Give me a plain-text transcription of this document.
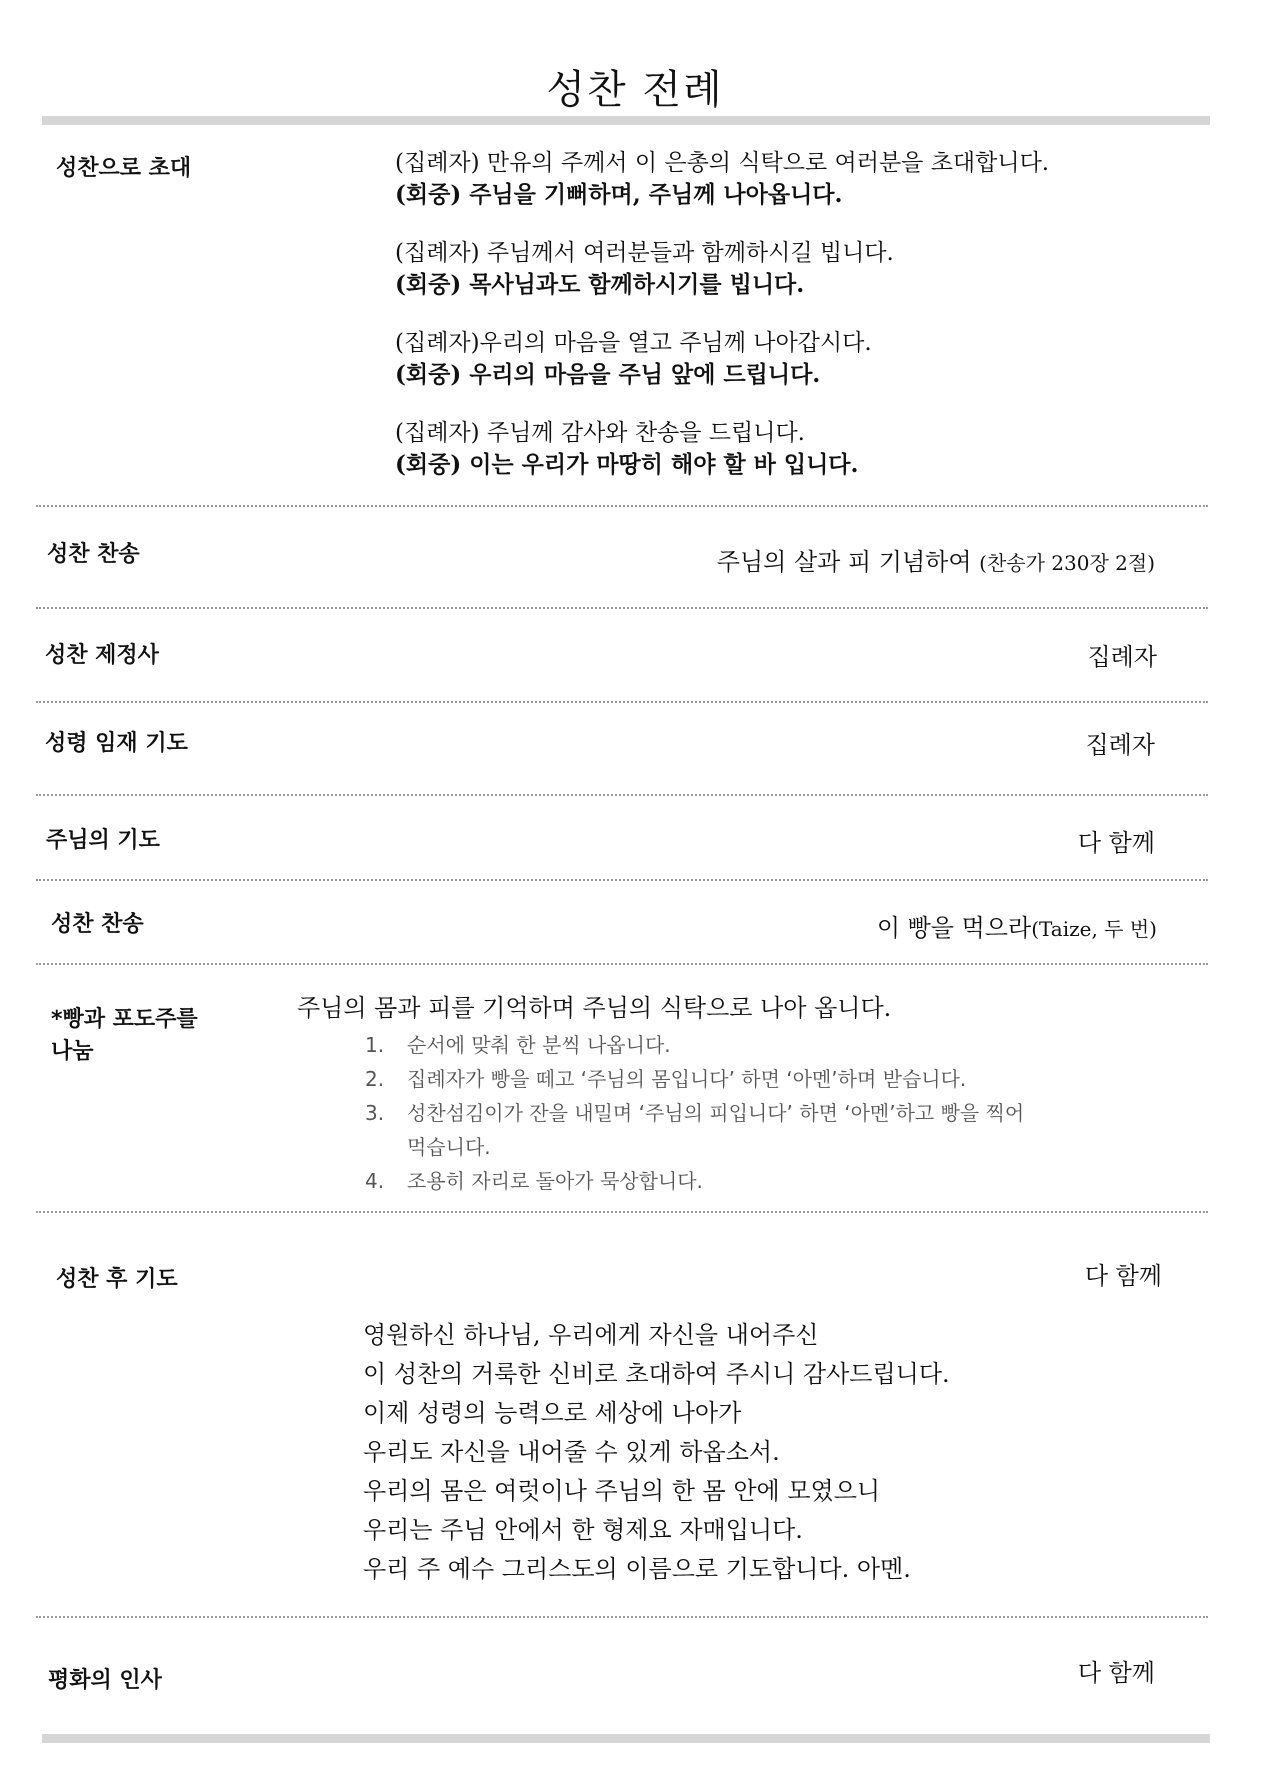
성찬 전례
성찬으로 초대	(집례자) 만유의 주께서 이 은총의 식탁으로 여러분을 초대합니다.
(회중) 주님을 기뻐하며, 주님께 나아옵니다.
(집례자) 주님께서 여러분들과 함께하시길 빕니다.
(회중) 목사님과도 함께하시기를 빕니다.
(집례자)우리의 마음을 열고 주님께 나아갑시다.
(회중) 우리의 마음을 주님 앞에 드립니다.
(집례자) 주님께 감사와 찬송을 드립니다.
(회중) 이는 우리가 마땅히 해야 할 바 입니다.
성찬 찬송	주님의 살과 피 기념하여 (찬송가 230장 2절)
성찬 제정사	집례자
성령 임재 기도	집례자
주님의 기도	다 함께
성찬 찬송	이 빵을 먹으라(Taize, 두 번)
*빵과 포도주를
나눔
주님의 몸과 피를 기억하며 주님의 식탁으로 나아 옵니다.
1. 순서에 맞춰 한 분씩 나옵니다.
2. 집례자가 빵을 떼고 ‘주님의 몸입니다’ 하면 ‘아멘’하며 받습니다.
3. 성찬섬김이가 잔을 내밀며 ‘주님의 피입니다’ 하면 ‘아멘’하고 빵을 찍어
먹습니다.
4. 조용히 자리로 돌아가 묵상합니다.
성찬 후 기도	다 함께
영원하신 하나님, 우리에게 자신을 내어주신
이 성찬의 거룩한 신비로 초대하여 주시니 감사드립니다.
이제 성령의 능력으로 세상에 나아가
우리도 자신을 내어줄 수 있게 하옵소서.
우리의 몸은 여럿이나 주님의 한 몸 안에 모였으니
우리는 주님 안에서 한 형제요 자매입니다.
우리 주 예수 그리스도의 이름으로 기도합니다. 아멘.
평화의 인사	다 함께
